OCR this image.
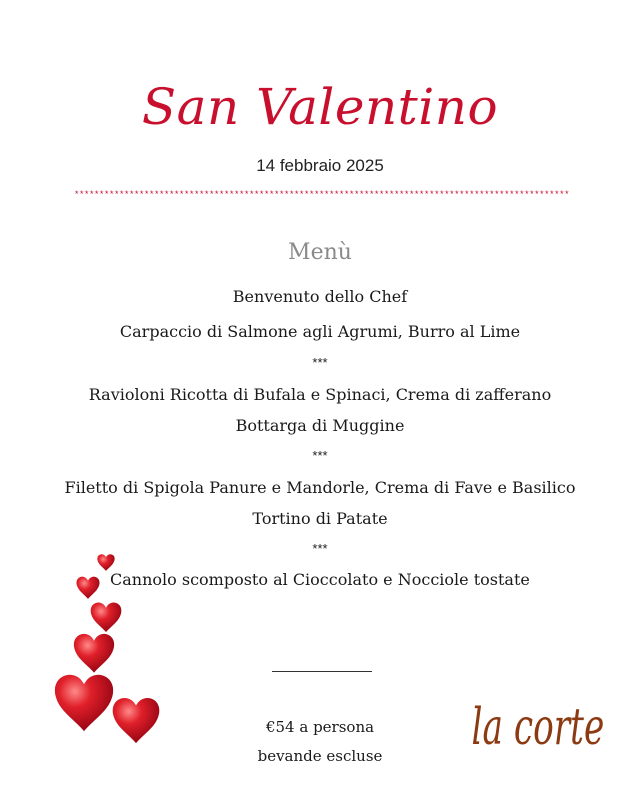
San Valentino
14 febbraio 2025
***************************************************************************************************
Menù
Benvenuto dello Chef
Carpaccio di Salmone agli Agrumi, Burro al Lime
***
Ravioloni Ricotta di Bufala e Spinaci, Crema di zafferano
Bottarga di Muggine
***
Filetto di Spigola Panure e Mandorle, Crema di Fave e Basilico
Tortino di Patate
***
Cannolo scomposto al Cioccolato e Nocciole tostate
€54 a persona
bevande escluse	la corte
